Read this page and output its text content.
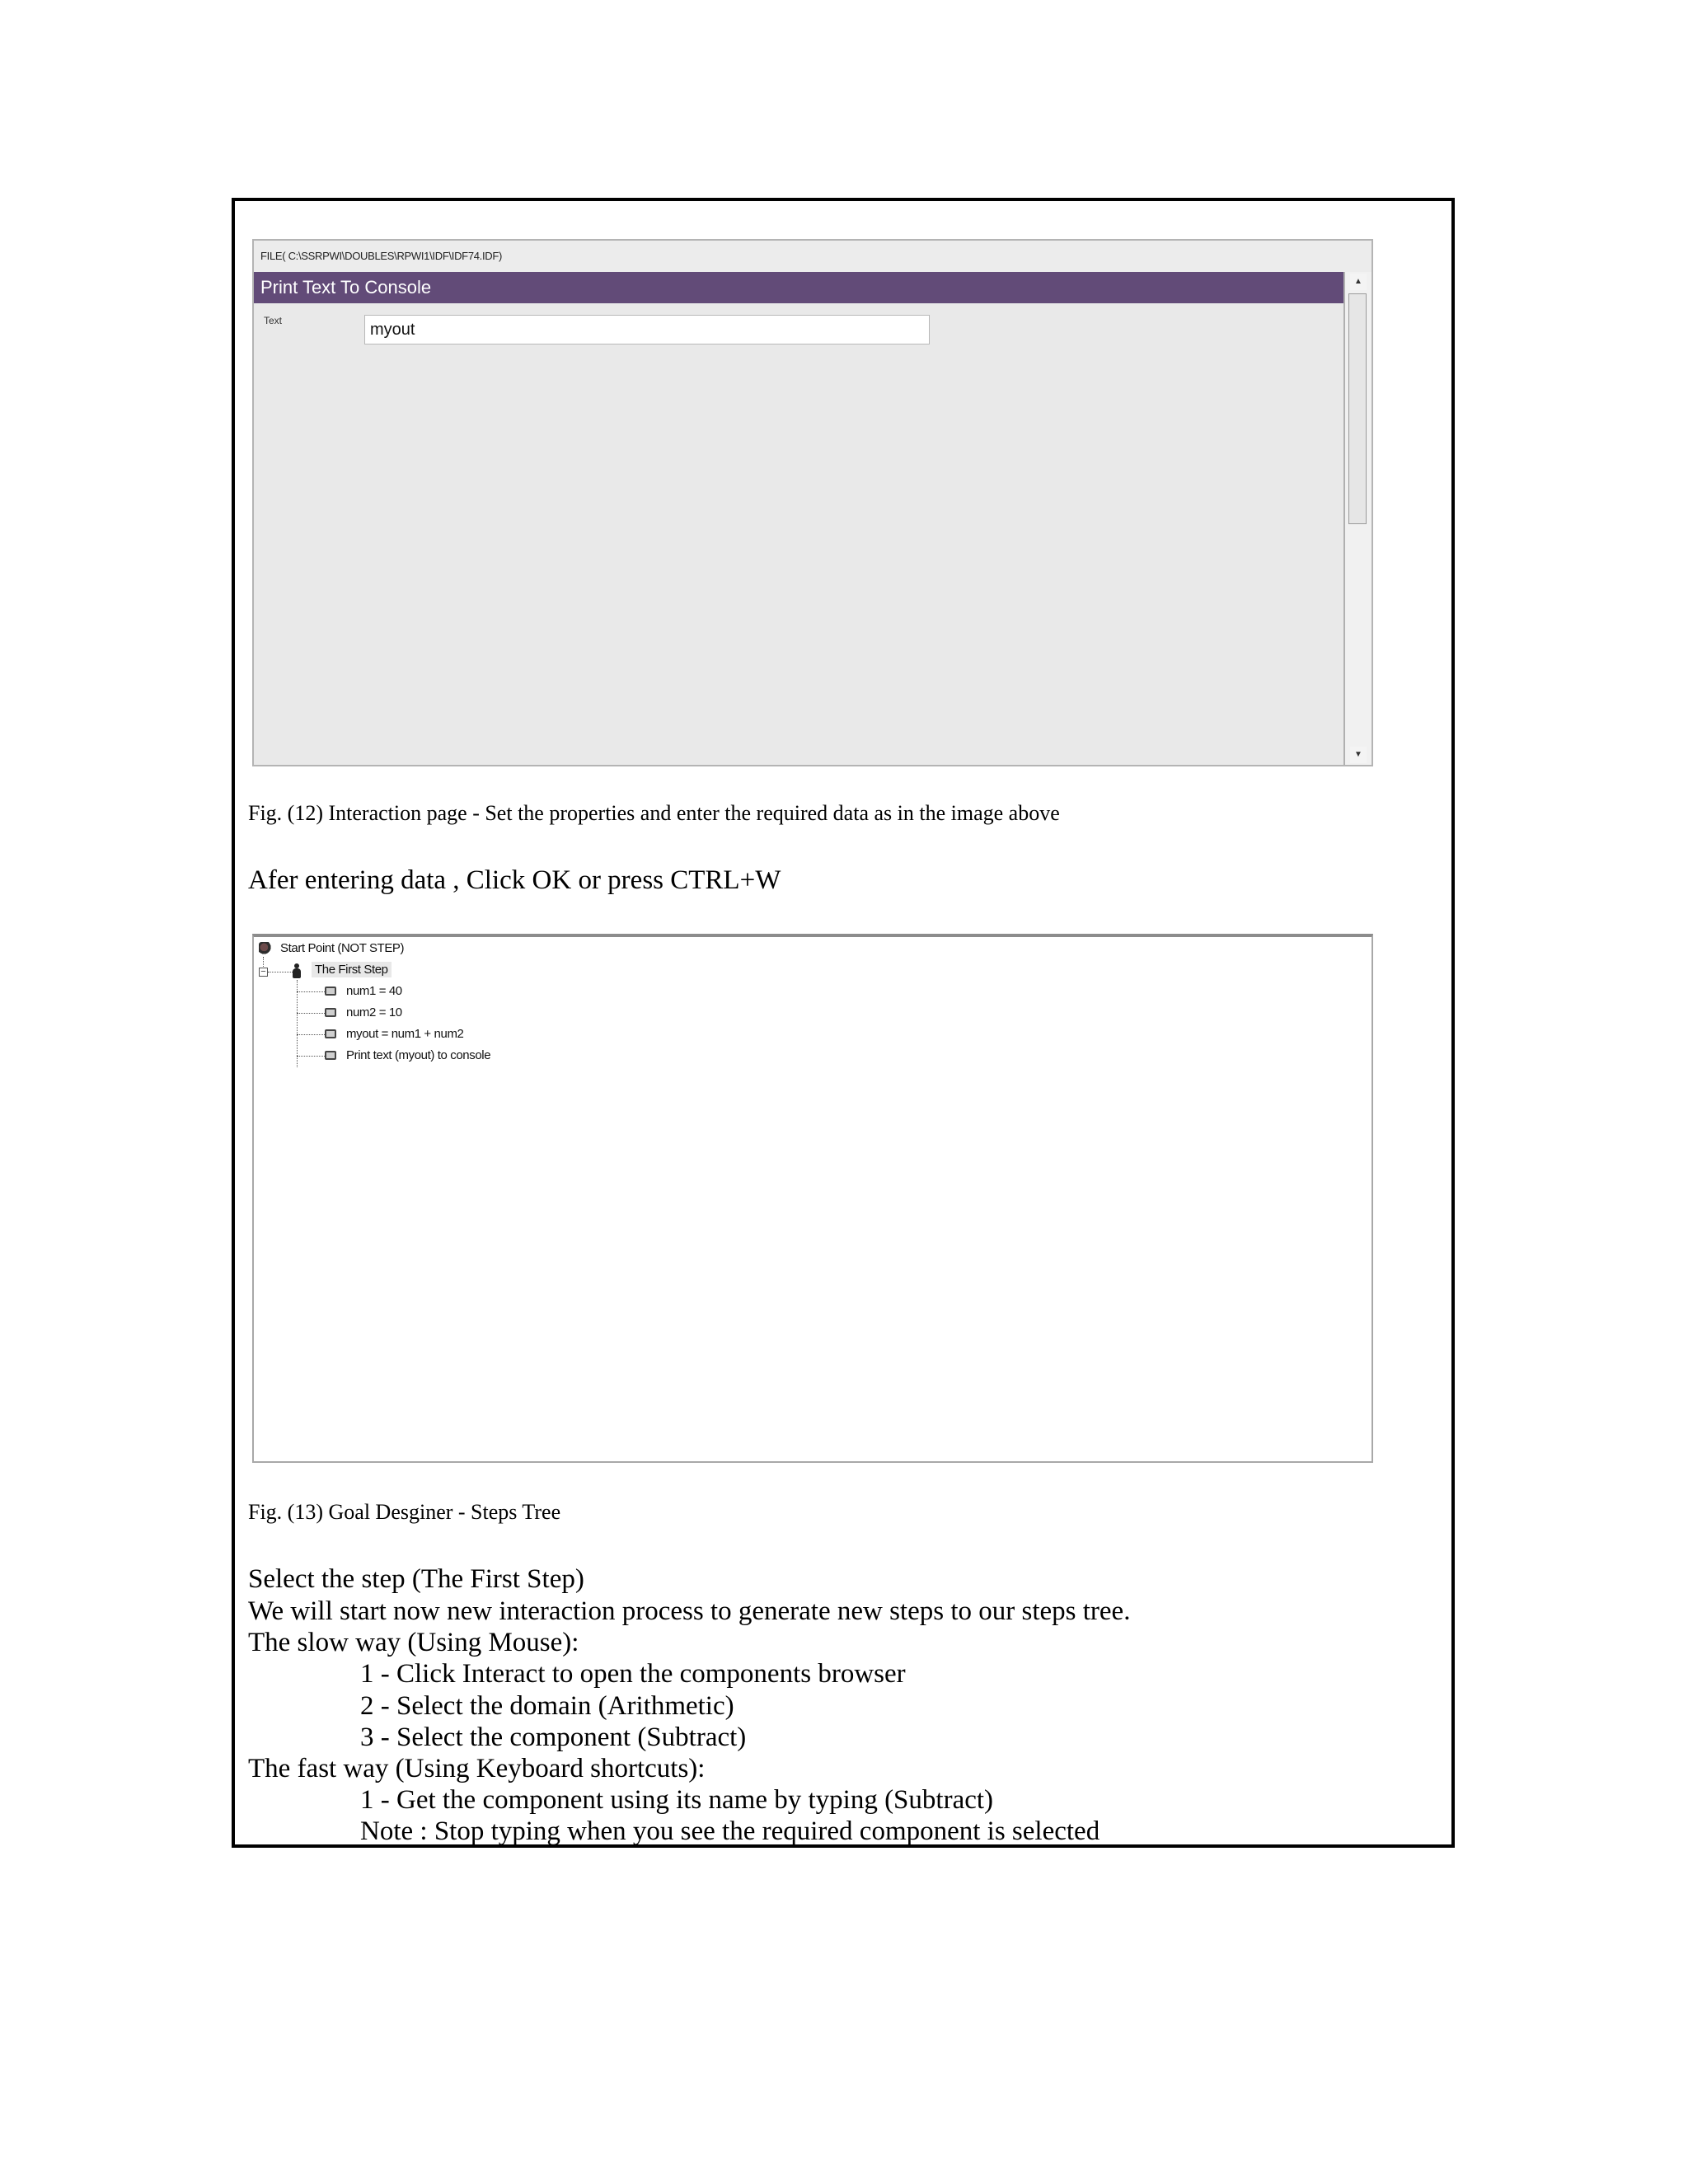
FILE( C:\SSRPWI\DOUBLES\RPWI1\IDF\IDF74.IDF)
Print Text To Console
Text	myout
▲
▼
Fig. (12) Interaction page - Set the properties and enter the required data as in the image above
Afer entering data , Click OK or press CTRL+W
Start Point (NOT STEP)
−	The First Step
num1 = 40
num2 = 10
myout = num1 + num2
Print text (myout) to console
Fig. (13) Goal Desginer - Steps Tree
Select the step (The First Step)
We will start now new interaction process to generate new steps to our steps tree.
The slow way (Using Mouse):
1 - Click Interact to open the components browser
2 - Select the domain (Arithmetic)
3 - Select the component (Subtract)
The fast way (Using Keyboard shortcuts):
1 - Get the component using its name by typing (Subtract)
Note : Stop typing when you see the required component is selected
